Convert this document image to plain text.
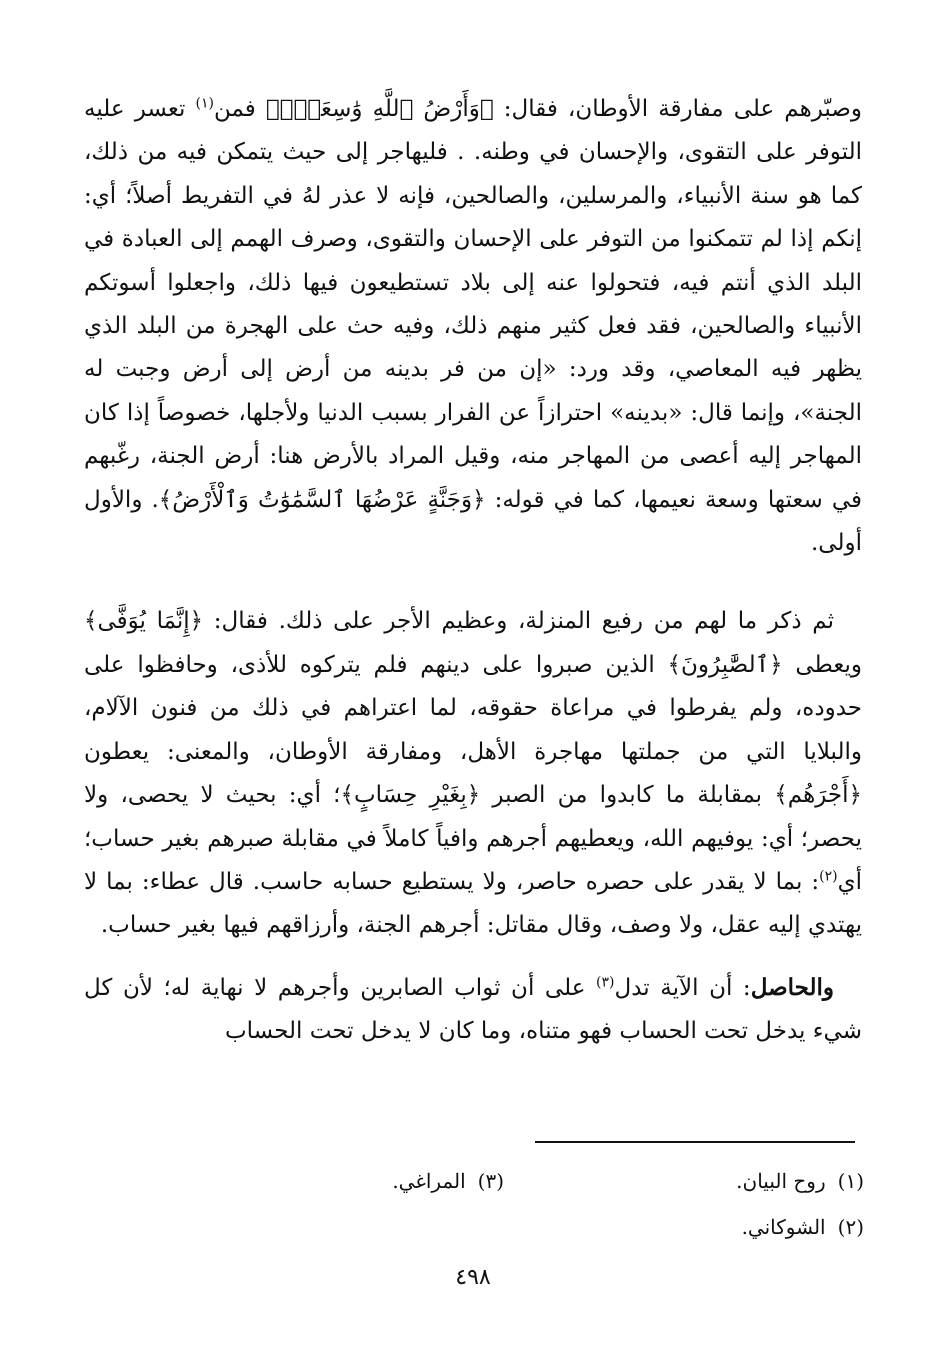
وصبّرهم على مفارقة الأوطان، فقال: ﴿وَأَرْضُ ٱللَّهِ وَٰسِعَةٌۗ﴾ فمن$^{(١)}$ تعسر عليه التوفر على التقوى، والإحسان في وطنه. . فليهاجر إلى حيث يتمكن فيه من ذلك، كما هو سنة الأنبياء، والمرسلين، والصالحين، فإنه لا عذر لهُ في التفريط أصلاً؛ أي: إنكم إذا لم تتمكنوا من التوفر على الإحسان والتقوى، وصرف الهمم إلى العبادة في البلد الذي أنتم فيه، فتحولوا عنه إلى بلاد تستطيعون فيها ذلك، واجعلوا أسوتكم الأنبياء والصالحين، فقد فعل كثير منهم ذلك، وفيه حث على الهجرة من البلد الذي يظهر فيه المعاصي، وقد ورد: «إن من فر بدينه من أرض إلى أرض وجبت له الجنة»، وإنما قال: «بدينه» احترازاً عن الفرار بسبب الدنيا ولأجلها، خصوصاً إذا كان المهاجر إليه أعصى من المهاجر منه، وقيل المراد بالأرض هنا: أرض الجنة، رغّبهم في سعتها وسعة نعيمها، كما في قوله: ﴿وَجَنَّةٍ عَرْضُهَا ٱلسَّمَٰوَٰتُ وَٱلْأَرْضُ﴾. والأول أولى.

ثم ذكر ما لهم من رفيع المنزلة، وعظيم الأجر على ذلك. فقال: ﴿إِنَّمَا يُوَفَّى﴾ ويعطى ﴿ٱلصَّٰبِرُونَ﴾ الذين صبروا على دينهم فلم يتركوه للأذى، وحافظوا على حدوده، ولم يفرطوا في مراعاة حقوقه، لما اعتراهم في ذلك من فنون الآلام، والبلايا التي من جملتها مهاجرة الأهل، ومفارقة الأوطان، والمعنى: يعطون ﴿أَجْرَهُم﴾ بمقابلة ما كابدوا من الصبر ﴿بِغَيْرِ حِسَابٍ﴾؛ أي: بحيث لا يحصى، ولا يحصر؛ أي: يوفيهم الله، ويعطيهم أجرهم وافياً كاملاً في مقابلة صبرهم بغير حساب؛ أي$^{(٢)}$: بما لا يقدر على حصره حاصر، ولا يستطيع حسابه حاسب. قال عطاء: بما لا يهتدي إليه عقل، ولا وصف، وقال مقاتل: أجرهم الجنة، وأرزاقهم فيها بغير حساب.

والحاصل: أن الآية تدل$^{(٣)}$ على أن ثواب الصابرين وأجرهم لا نهاية له؛ لأن كل شيء يدخل تحت الحساب فهو متناه، وما كان لا يدخل تحت الحساب

(١)روح البيان.
(٣)المراغي.
(٢)الشوكاني.
٤٩٨
